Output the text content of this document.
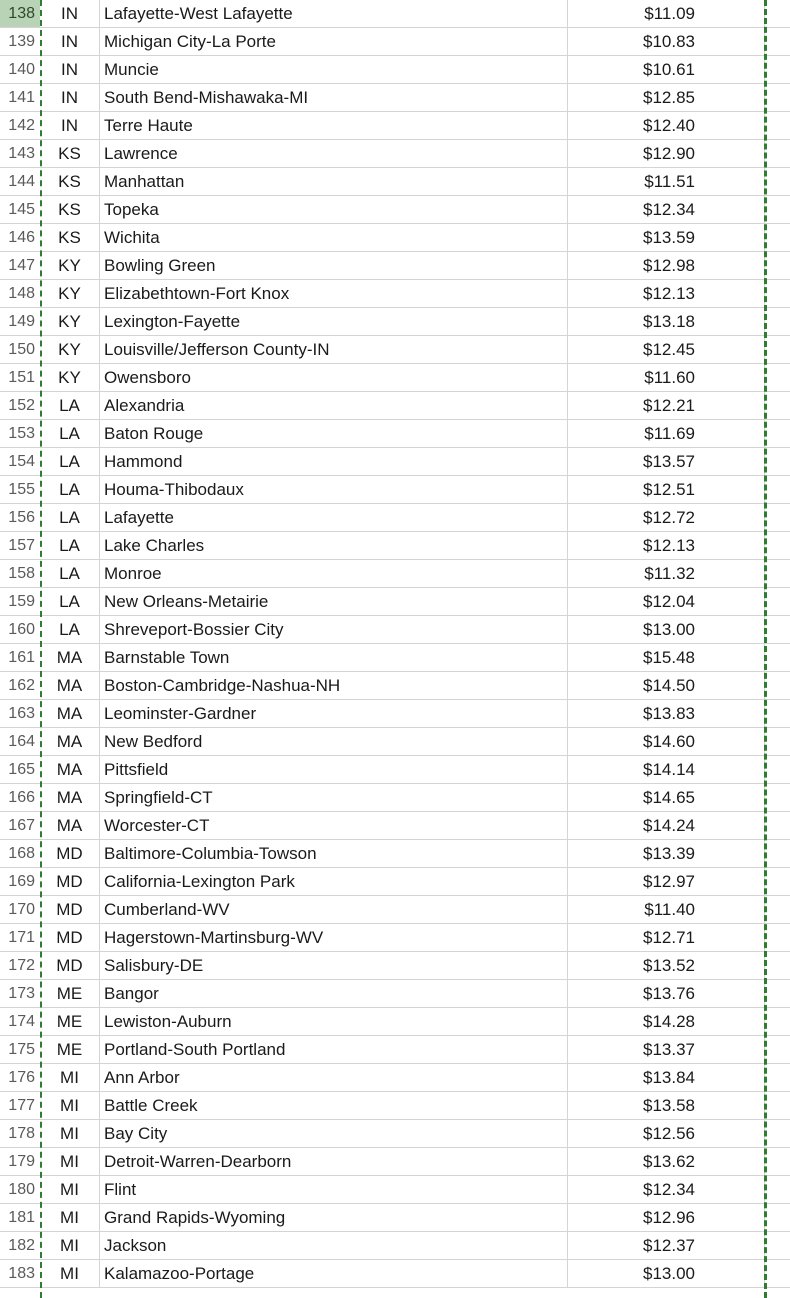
138	IN	Lafayette-West Lafayette	$11.09
139	IN	Michigan City-La Porte	$10.83
140	IN	Muncie	$10.61
141	IN	South Bend-Mishawaka-MI	$12.85
142	IN	Terre Haute	$12.40
143	KS	Lawrence	$12.90
144	KS	Manhattan	$11.51
145	KS	Topeka	$12.34
146	KS	Wichita	$13.59
147	KY	Bowling Green	$12.98
148	KY	Elizabethtown-Fort Knox	$12.13
149	KY	Lexington-Fayette	$13.18
150	KY	Louisville/Jefferson County-IN	$12.45
151	KY	Owensboro	$11.60
152	LA	Alexandria	$12.21
153	LA	Baton Rouge	$11.69
154	LA	Hammond	$13.57
155	LA	Houma-Thibodaux	$12.51
156	LA	Lafayette	$12.72
157	LA	Lake Charles	$12.13
158	LA	Monroe	$11.32
159	LA	New Orleans-Metairie	$12.04
160	LA	Shreveport-Bossier City	$13.00
161	MA	Barnstable Town	$15.48
162	MA	Boston-Cambridge-Nashua-NH	$14.50
163	MA	Leominster-Gardner	$13.83
164	MA	New Bedford	$14.60
165	MA	Pittsfield	$14.14
166	MA	Springfield-CT	$14.65
167	MA	Worcester-CT	$14.24
168	MD	Baltimore-Columbia-Towson	$13.39
169	MD	California-Lexington Park	$12.97
170	MD	Cumberland-WV	$11.40
171	MD	Hagerstown-Martinsburg-WV	$12.71
172	MD	Salisbury-DE	$13.52
173	ME	Bangor	$13.76
174	ME	Lewiston-Auburn	$14.28
175	ME	Portland-South Portland	$13.37
176	MI	Ann Arbor	$13.84
177	MI	Battle Creek	$13.58
178	MI	Bay City	$12.56
179	MI	Detroit-Warren-Dearborn	$13.62
180	MI	Flint	$12.34
181	MI	Grand Rapids-Wyoming	$12.96
182	MI	Jackson	$12.37
183	MI	Kalamazoo-Portage	$13.00
